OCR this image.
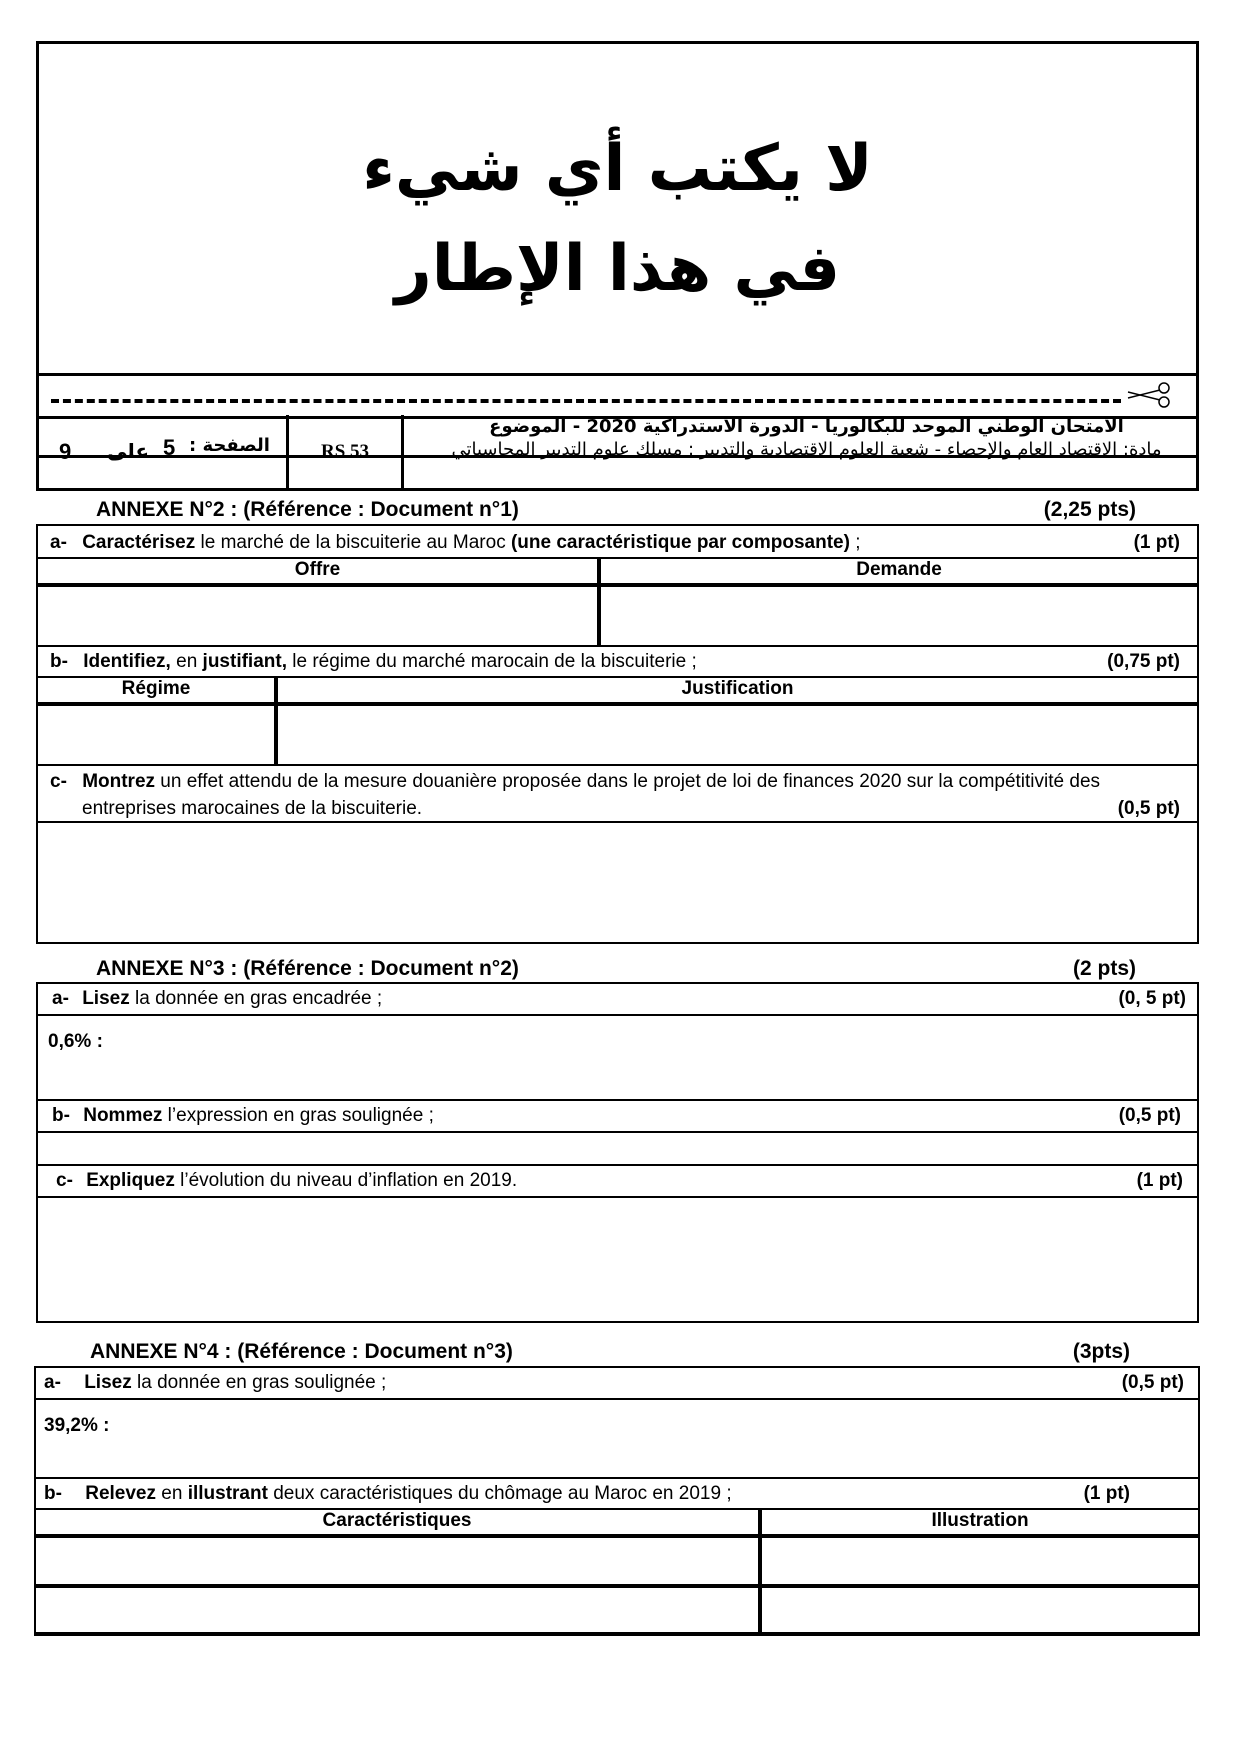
لا يكتب أي شيء
في هذا الإطار
9 على 5 الصفحة :	RS 53
الامتحان الوطني الموحد للبكالوريا - الدورة الاستدراكية 2020 - الموضوع
مادة: الاقتصاد العام والإحصاء - شعبة العلوم الاقتصادية والتدبير : مسلك علوم التدبير المحاسباتي
ANNEXE N°2 : (Référence : Document n°1)	(2,25 pts)
a- Caractérisez le marché de la biscuiterie au Maroc (une caractéristique par composante) ;	(1 pt)
Offre	Demande
b- Identifiez, en justifiant, le régime du marché marocain de la biscuiterie ;	(0,75 pt)
Régime	Justification
c- Montrez un effet attendu de la mesure douanière proposée dans le projet de loi de finances 2020 sur la compétitivité des
entreprises marocaines de la biscuiterie.	(0,5 pt)
ANNEXE N°3 : (Référence : Document n°2)	(2 pts)
a- Lisez la donnée en gras encadrée ;	(0, 5 pt)
0,6% :
b- Nommez l’expression en gras soulignée ;	(0,5 pt)
c- Expliquez l’évolution du niveau d’inflation en 2019.	(1 pt)
ANNEXE N°4 : (Référence : Document n°3)	(3pts)
a- Lisez la donnée en gras soulignée ;	(0,5 pt)
39,2% :
b- Relevez en illustrant deux caractéristiques du chômage au Maroc en 2019 ;	(1 pt)
Caractéristiques	Illustration
